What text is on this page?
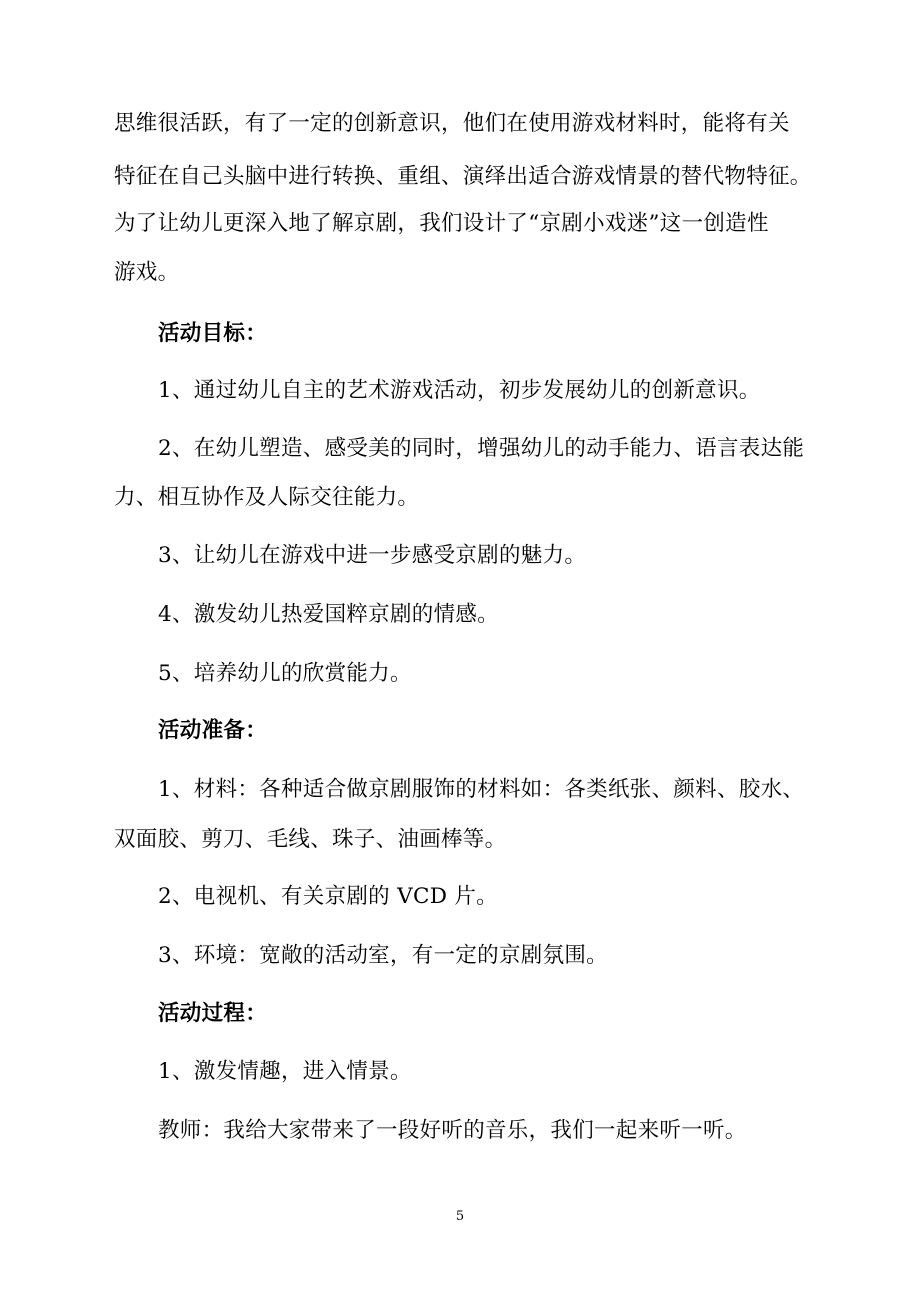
思维很活跃，有了一定的创新意识，他们在使用游戏材料时，能将有关
特征在自己头脑中进行转换、重组、演绎出适合游戏情景的替代物特征。
为了让幼儿更深入地了解京剧，我们设计了“京剧小戏迷”这一创造性
游戏。
活动目标：
1、通过幼儿自主的艺术游戏活动，初步发展幼儿的创新意识。
2、在幼儿塑造、感受美的同时，增强幼儿的动手能力、语言表达能
力、相互协作及人际交往能力。
3、让幼儿在游戏中进一步感受京剧的魅力。
4、激发幼儿热爱国粹京剧的情感。
5、培养幼儿的欣赏能力。
活动准备：
1、材料：各种适合做京剧服饰的材料如：各类纸张、颜料、胶水、
双面胶、剪刀、毛线、珠子、油画棒等。
2、电视机、有关京剧的 VCD 片。
3、环境：宽敞的活动室，有一定的京剧氛围。
活动过程：
1、激发情趣，进入情景。
教师：我给大家带来了一段好听的音乐，我们一起来听一听。
5
